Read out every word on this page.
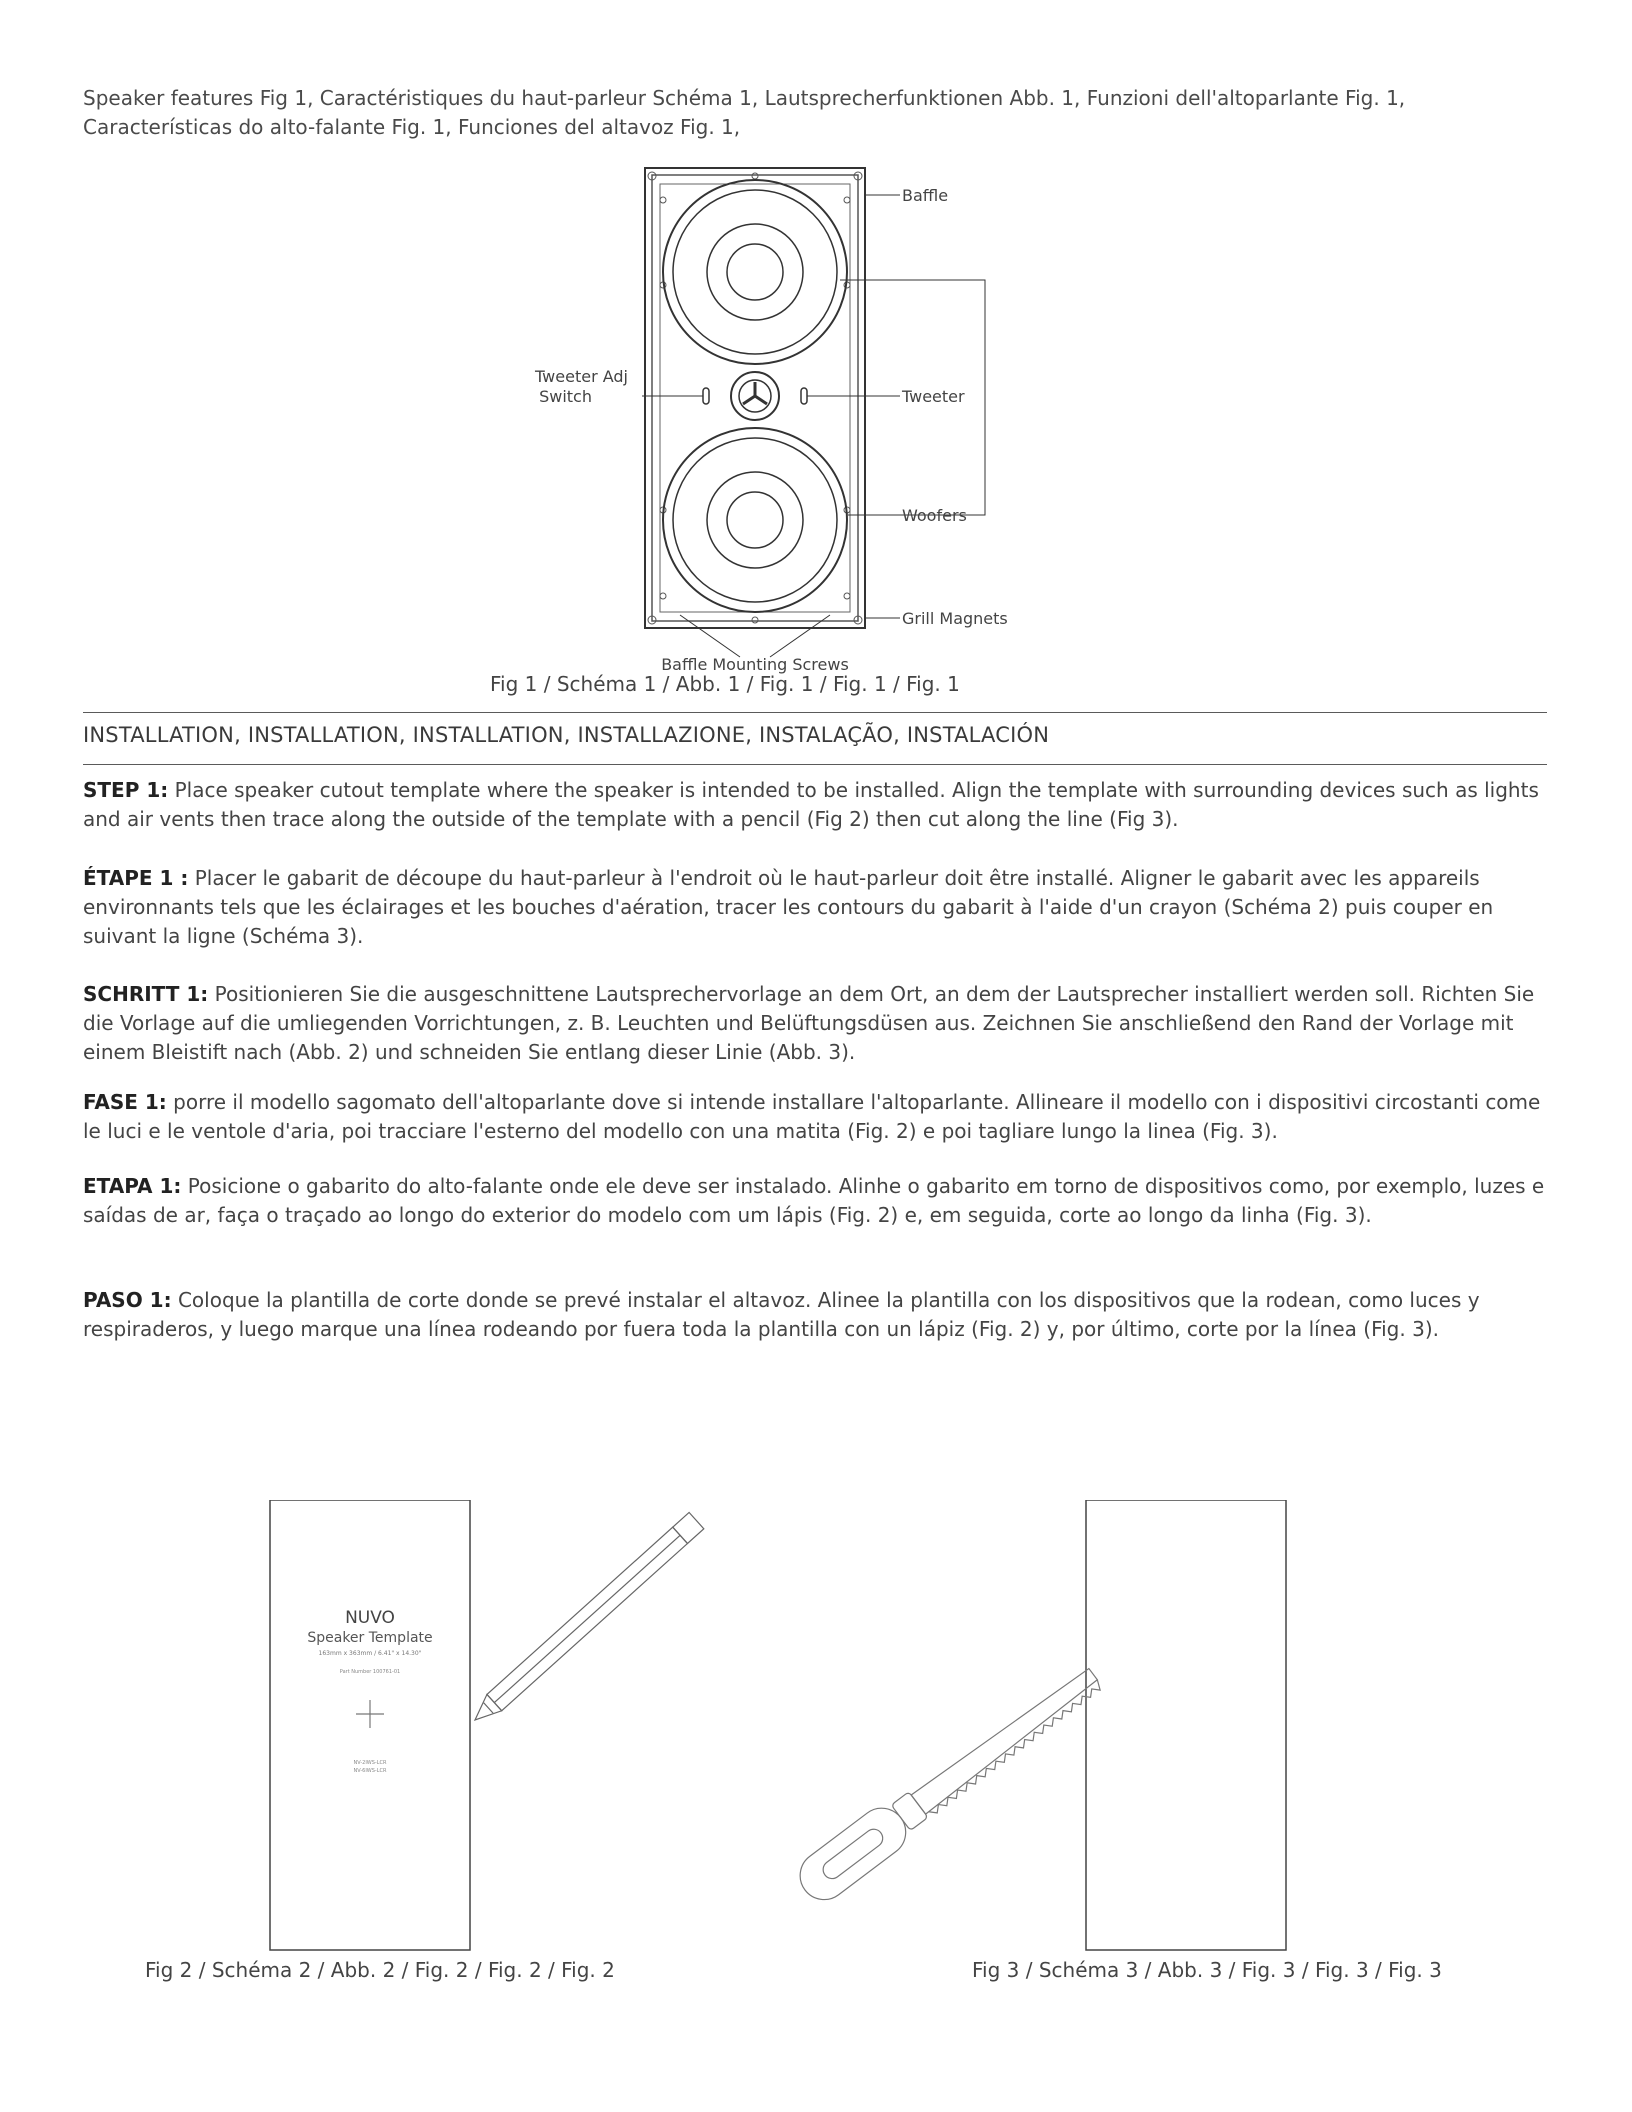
Speaker features Fig 1, Caractéristiques du haut-parleur Schéma 1, Lautsprecherfunktionen Abb. 1, Funzioni dell'altoparlante Fig. 1, Características do alto-falante Fig. 1, Funciones del altavoz Fig. 1,

Baffle
Tweeter Adj
Switch	Tweeter
Woofers
Grill Magnets
Baffle Mounting Screws
Fig 1 / Schéma 1 / Abb. 1 / Fig. 1 / Fig. 1 / Fig. 1
INSTALLATION, INSTALLATION, INSTALLATION, INSTALLAZIONE, INSTALAÇÃO, INSTALACIÓN

STEP 1: Place speaker cutout template where the speaker is intended to be installed. Align the template with surrounding devices such as lights and air vents then trace along the outside of the template with a pencil (Fig 2) then cut along the line (Fig 3).

ÉTAPE 1 : Placer le gabarit de découpe du haut-parleur à l'endroit où le haut-parleur doit être installé. Aligner le gabarit avec les appareils environnants tels que les éclairages et les bouches d'aération, tracer les contours du gabarit à l'aide d'un crayon (Schéma 2) puis couper en suivant la ligne (Schéma 3).

SCHRITT 1: Positionieren Sie die ausgeschnittene Lautsprechervorlage an dem Ort, an dem der Lautsprecher installiert werden soll. Richten Sie die Vorlage auf die umliegenden Vorrichtungen, z. B. Leuchten und Belüftungsdüsen aus. Zeichnen Sie anschließend den Rand der Vorlage mit einem Bleistift nach (Abb. 2) und schneiden Sie entlang dieser Linie (Abb. 3).

FASE 1: porre il modello sagomato dell'altoparlante dove si intende installare l'altoparlante. Allineare il modello con i dispositivi circostanti come le luci e le ventole d'aria, poi tracciare l'esterno del modello con una matita (Fig. 2) e poi tagliare lungo la linea (Fig. 3).

ETAPA 1: Posicione o gabarito do alto-falante onde ele deve ser instalado. Alinhe o gabarito em torno de dispositivos como, por exemplo, luzes e saídas de ar, faça o traçado ao longo do exterior do modelo com um lápis (Fig. 2) e, em seguida, corte ao longo da linha (Fig. 3).

PASO 1: Coloque la plantilla de corte donde se prevé instalar el altavoz. Alinee la plantilla con los dispositivos que la rodean, como luces y respiraderos, y luego marque una línea rodeando por fuera toda la plantilla con un lápiz (Fig. 2) y, por último, corte por la línea (Fig. 3).

NUVO
Speaker Template
163mm x 363mm / 6.41" x 14.30"
Part Number 100761-01
NV-2IWS-LCR
NV-6IWS-LCR
Fig 2 / Schéma 2 / Abb. 2 / Fig. 2 / Fig. 2 / Fig. 2	Fig 3 / Schéma 3 / Abb. 3 / Fig. 3 / Fig. 3 / Fig. 3
